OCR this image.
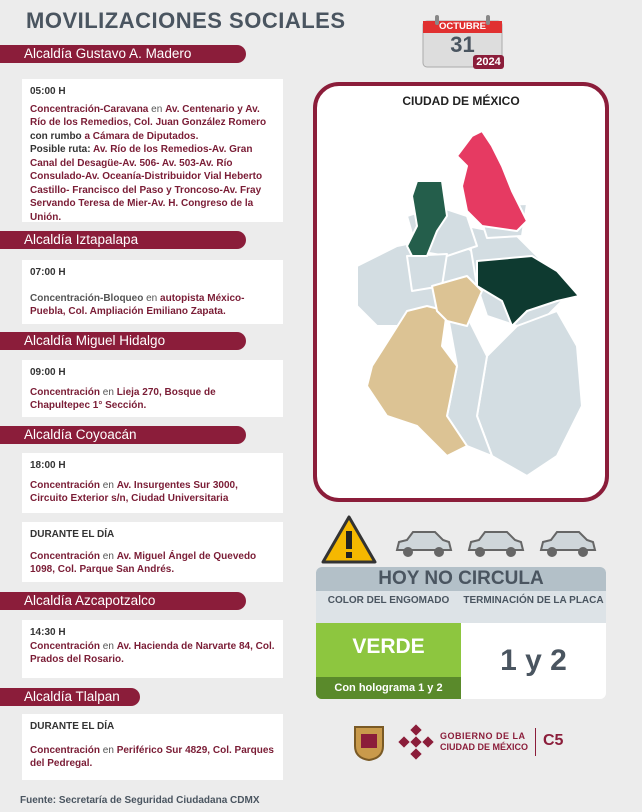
MOVILIZACIONES SOCIALES	OCTUBRE
31
2024
Alcaldía Gustavo A. Madero
05:00 H
Concentración-Caravana en Av. Centenario y Av. Río de los Remedios, Col. Juan González Romero con rumbo a Cámara de Diputados.
Posible ruta: Av. Río de los Remedios-Av. Gran Canal del Desagüe-Av. 506- Av. 503-Av. Río Consulado-Av. Oceanía-Distribuidor Vial Heberto Castillo- Francisco del Paso y Troncoso-Av. Fray Servando Teresa de Mier-Av. H. Congreso de la Unión.
Alcaldía Iztapalapa
07:00 H
Concentración-Bloqueo en autopista México-Puebla, Col. Ampliación Emiliano Zapata.
Alcaldía Miguel Hidalgo
09:00 H
Concentración en Lieja 270, Bosque de Chapultepec 1° Sección.
Alcaldía Coyoacán
18:00 H
Concentración en Av. Insurgentes Sur 3000, Circuito Exterior s/n, Ciudad Universitaria
DURANTE EL DÍA
Concentración en Av. Miguel Ángel de Quevedo 1098, Col. Parque San Andrés.
Alcaldía Azcapotzalco
14:30 H
Concentración en Av. Hacienda de Narvarte 84, Col. Prados del Rosario.
Alcaldía Tlalpan
DURANTE EL DÍA
Concentración en Periférico Sur 4829, Col. Parques del Pedregal.
CIUDAD DE MÉXICO
HOY NO CIRCULA
COLOR DEL ENGOMADO	TERMINACIÓN DE LA PLACA
VERDE
Con holograma 1 y 2
1 y 2
GOBIERNO DE LA
CIUDAD DE MÉXICO C5
Fuente: Secretaría de Seguridad Ciudadana CDMX
